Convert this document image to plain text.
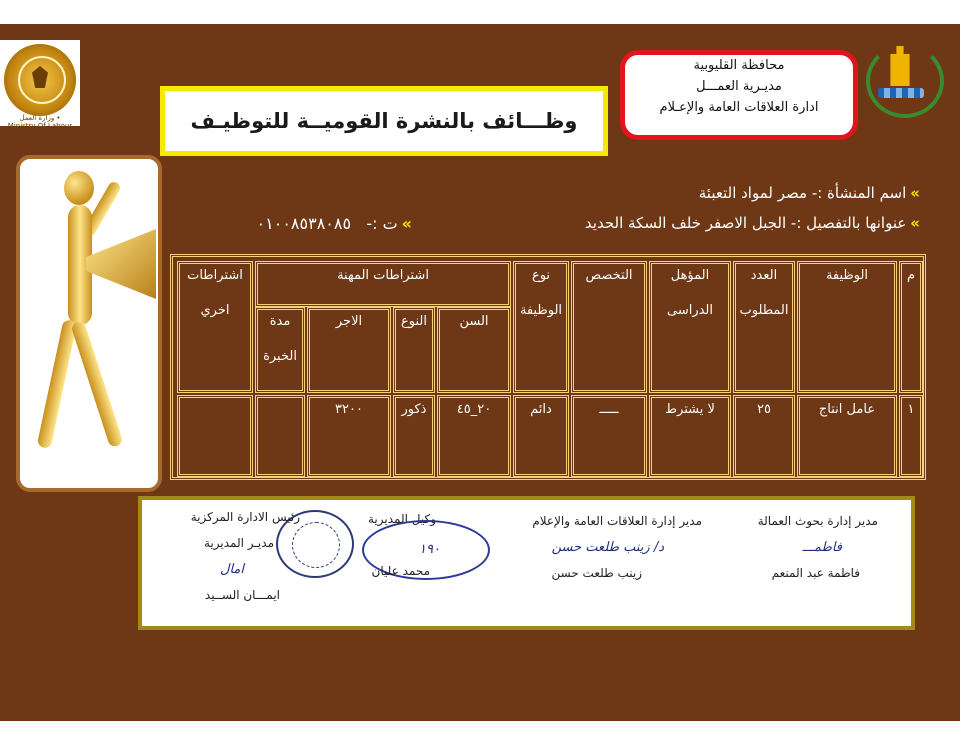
وزارة العمل • Ministry Of Labour
محافظة القليوبية
مديـرية العمـــل
ادارة العلاقات العامة والإعـلام
وظـــائف بالنشرة القوميــة للتوظيـف
»اسم المنشأة :- مصر لمواد التعبئة
»عنوانها بالتفصيل :- الجبل الاصفر خلف السكة الحديد
»ت :-   ٠١٠٠٨٥٣٨٠٨٥
م
الوظيفة
العدد
المطلوب
المؤهل
الدراسى
التخصص
نوع
الوظيفة
اشتراطات المهنة
السن
النوع
الاجر
مدة
الخبرة
اشتراطات
اخري
١
عامل انتاج
٢٥
لا يشترط
ـــــ
دائم
٢٠_٤٥
ذكور
٣٢٠٠
مدير إدارة بحوث العمالة
فاطمـــ
فاطمة عبد المنعم
مدير إدارة العلاقات العامة والإعلام
د/ زينب طلعت حسن
زينب طلعت حسن
وكيل المديرية
١٩٠
محمد عليان
رئيس الادارة المركزية
مديـر المديرية
امال
ايمـــان الســيد
